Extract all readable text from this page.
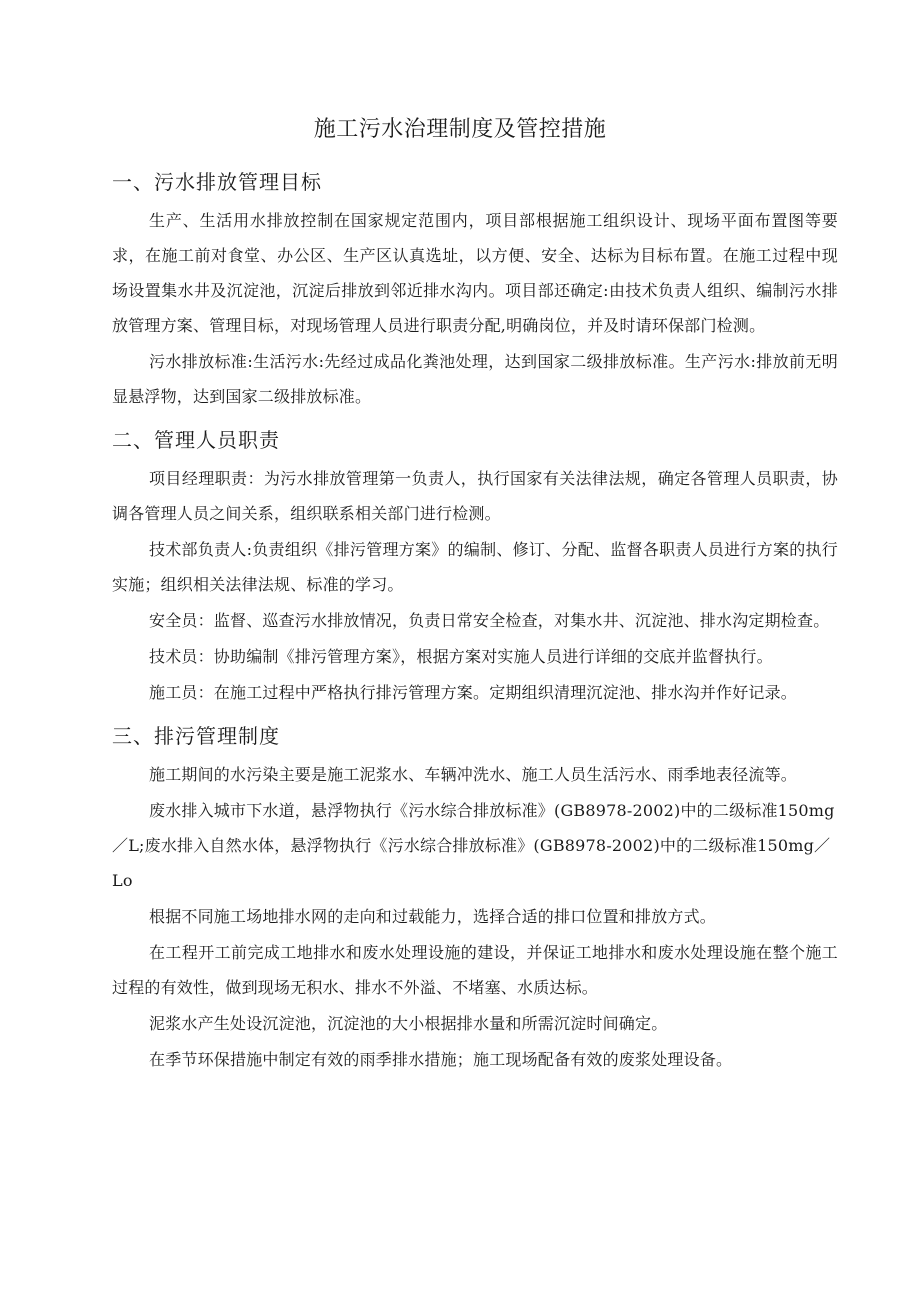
施工污水治理制度及管控措施
一、污水排放管理目标

生产、生活用水排放控制在国家规定范围内，项目部根据施工组织设计、现场平面布置图等要求，在施工前对食堂、办公区、生产区认真选址，以方便、安全、达标为目标布置。在施工过程中现场设置集水井及沉淀池，沉淀后排放到邻近排水沟内。项目部还确定:由技术负责人组织、编制污水排放管理方案、管理目标，对现场管理人员进行职责分配,明确岗位，并及时请环保部门检测。

污水排放标准:生活污水:先经过成品化粪池处理，达到国家二级排放标准。生产污水:排放前无明显悬浮物，达到国家二级排放标准。

二、管理人员职责

项目经理职责：为污水排放管理第一负责人，执行国家有关法律法规，确定各管理人员职责，协调各管理人员之间关系，组织联系相关部门进行检测。

技术部负责人:负责组织《排污管理方案》的编制、修订、分配、监督各职责人员进行方案的执行实施；组织相关法律法规、标准的学习。

安全员：监督、巡查污水排放情况，负责日常安全检查，对集水井、沉淀池、排水沟定期检查。

技术员：协助编制《排污管理方案》，根据方案对实施人员进行详细的交底并监督执行。

施工员：在施工过程中严格执行排污管理方案。定期组织清理沉淀池、排水沟并作好记录。

三、排污管理制度

施工期间的水污染主要是施工泥浆水、车辆冲洗水、施工人员生活污水、雨季地表径流等。

废水排入城市下水道，悬浮物执行《污水综合排放标准》(GB8978-2002)中的二级标准150mg／L;废水排入自然水体，悬浮物执行《污水综合排放标准》(GB8978-2002)中的二级标准150mg／Lo

根据不同施工场地排水网的走向和过载能力，选择合适的排口位置和排放方式。

在工程开工前完成工地排水和废水处理设施的建设，并保证工地排水和废水处理设施在整个施工过程的有效性，做到现场无积水、排水不外溢、不堵塞、水质达标。

泥浆水产生处设沉淀池，沉淀池的大小根据排水量和所需沉淀时间确定。

在季节环保措施中制定有效的雨季排水措施；施工现场配备有效的废浆处理设备。
